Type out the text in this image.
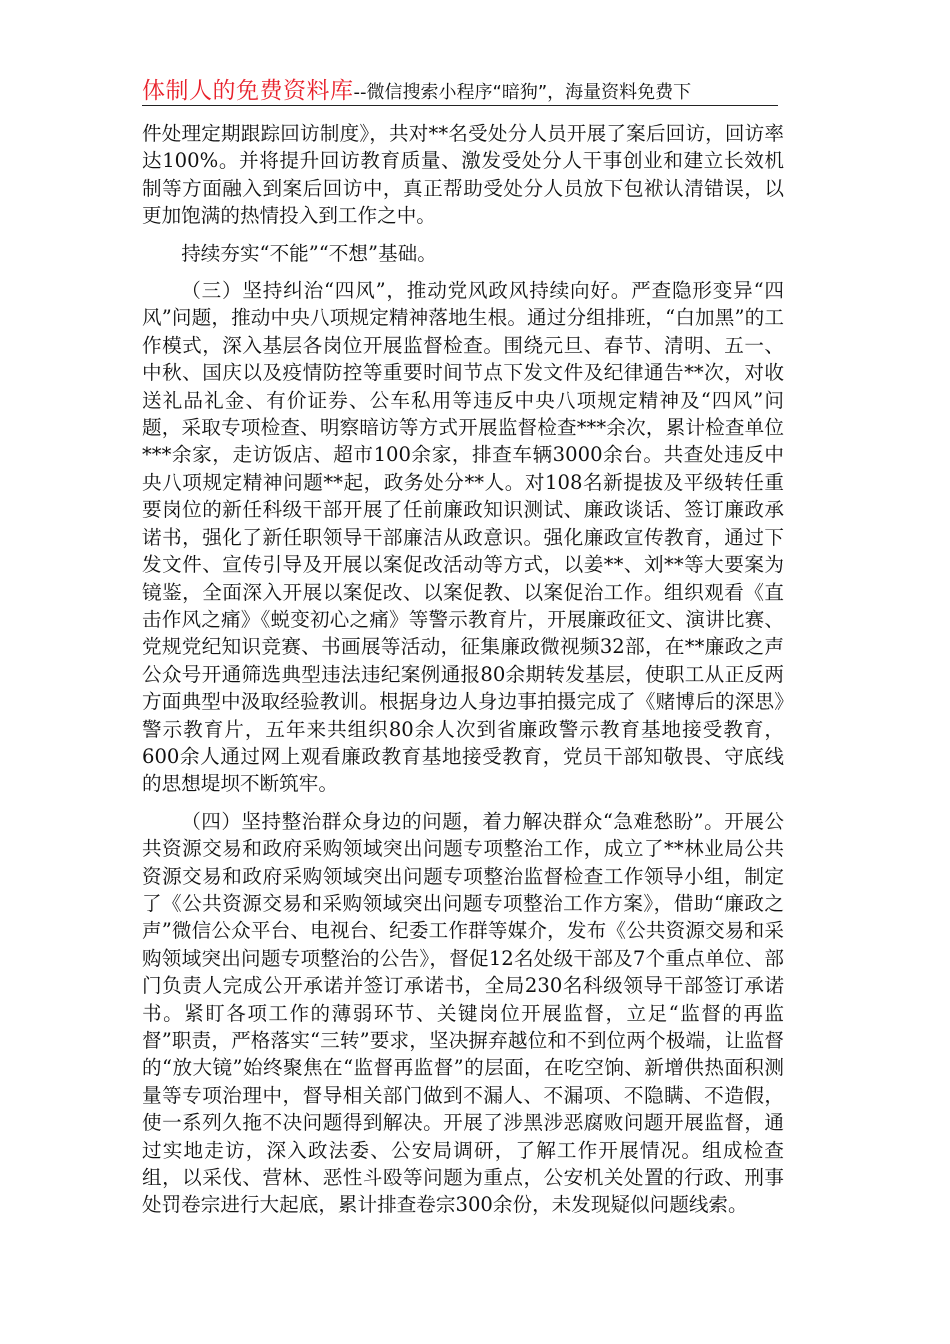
体制人的免费资料库--微信搜索小程序“暗狗”，海量资料免费下

件处理定期跟踪回访制度》，共对**名受处分人员开展了案后回访，回访率达100%。并将提升回访教育质量、激发受处分人干事创业和建立长效机制等方面融入到案后回访中，真正帮助受处分人员放下包袱认清错误，以更加饱满的热情投入到工作之中。

持续夯实“不能”“不想”基础。

（三）坚持纠治“四风”，推动党风政风持续向好。严查隐形变异“四风”问题，推动中央八项规定精神落地生根。通过分组排班，“白加黑”的工作模式，深入基层各岗位开展监督检查。围绕元旦、春节、清明、五一、中秋、国庆以及疫情防控等重要时间节点下发文件及纪律通告**次，对收送礼品礼金、有价证券、公车私用等违反中央八项规定精神及“四风”问题，采取专项检查、明察暗访等方式开展监督检查***余次，累计检查单位***余家，走访饭店、超市100余家，排查车辆3000余台。共查处违反中央八项规定精神问题**起，政务处分**人。对108名新提拔及平级转任重要岗位的新任科级干部开展了任前廉政知识测试、廉政谈话、签订廉政承诺书，强化了新任职领导干部廉洁从政意识。强化廉政宣传教育，通过下发文件、宣传引导及开展以案促改活动等方式，以姜**、刘**等大要案为镜鉴，全面深入开展以案促改、以案促教、以案促治工作。组织观看《直击作风之痛》《蜕变初心之痛》等警示教育片，开展廉政征文、演讲比赛、党规党纪知识竞赛、书画展等活动，征集廉政微视频32部，在**廉政之声公众号开通筛选典型违法违纪案例通报80余期转发基层，使职工从正反两方面典型中汲取经验教训。根据身边人身边事拍摄完成了《赌博后的深思》警示教育片，五年来共组织80余人次到省廉政警示教育基地接受教育，600余人通过网上观看廉政教育基地接受教育，党员干部知敬畏、守底线的思想堤坝不断筑牢。

（四）坚持整治群众身边的问题，着力解决群众“急难愁盼”。开展公共资源交易和政府采购领域突出问题专项整治工作，成立了**林业局公共资源交易和政府采购领域突出问题专项整治监督检查工作领导小组，制定了《公共资源交易和采购领域突出问题专项整治工作方案》，借助“廉政之声”微信公众平台、电视台、纪委工作群等媒介，发布《公共资源交易和采购领域突出问题专项整治的公告》，督促12名处级干部及7个重点单位、部门负责人完成公开承诺并签订承诺书，全局230名科级领导干部签订承诺书。紧盯各项工作的薄弱环节、关键岗位开展监督，立足“监督的再监督”职责，严格落实“三转”要求，坚决摒弃越位和不到位两个极端，让监督的“放大镜”始终聚焦在“监督再监督”的层面，在吃空饷、新增供热面积测量等专项治理中，督导相关部门做到不漏人、不漏项、不隐瞒、不造假，使一系列久拖不决问题得到解决。开展了涉黑涉恶腐败问题开展监督，通过实地走访，深入政法委、公安局调研，了解工作开展情况。组成检查组，以采伐、营林、恶性斗殴等问题为重点，公安机关处置的行政、刑事处罚卷宗进行大起底，累计排查卷宗300余份，未发现疑似问题线索。
